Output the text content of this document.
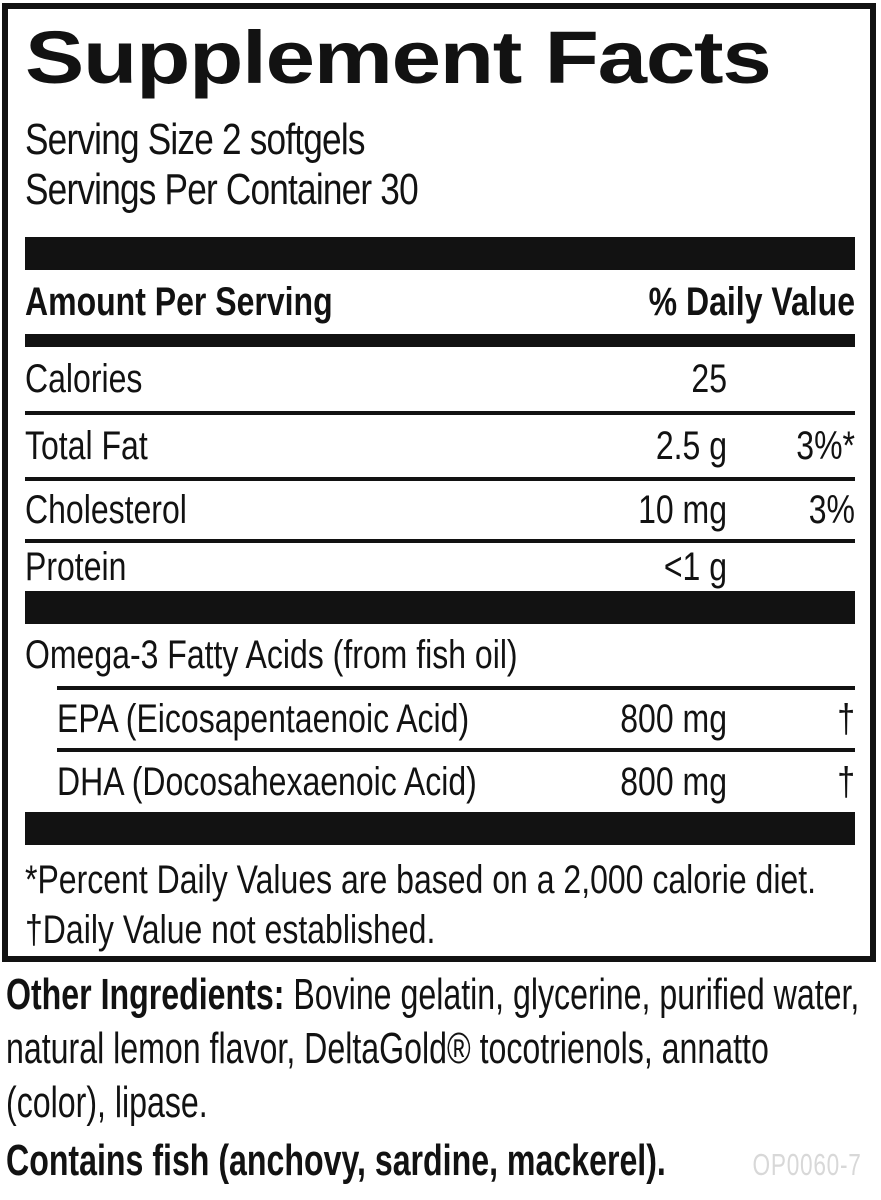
Supplement Facts
Serving Size 2 softgels
Servings Per Container 30
Amount Per Serving	% Daily Value
Calories	25
Total Fat	2.5 g	3%*
Cholesterol	10 mg	3%
Protein	<1 g
Omega-3 Fatty Acids (from fish oil)
EPA (Eicosapentaenoic Acid)	800 mg	†
DHA (Docosahexaenoic Acid)	800 mg	†
*Percent Daily Values are based on a 2,000 calorie diet.
†Daily Value not established.
Other Ingredients: Bovine gelatin, glycerine, purified water, natural lemon flavor, DeltaGold® tocotrienols, annatto (color), lipase.
Contains fish (anchovy, sardine, mackerel).	OP0060-7
